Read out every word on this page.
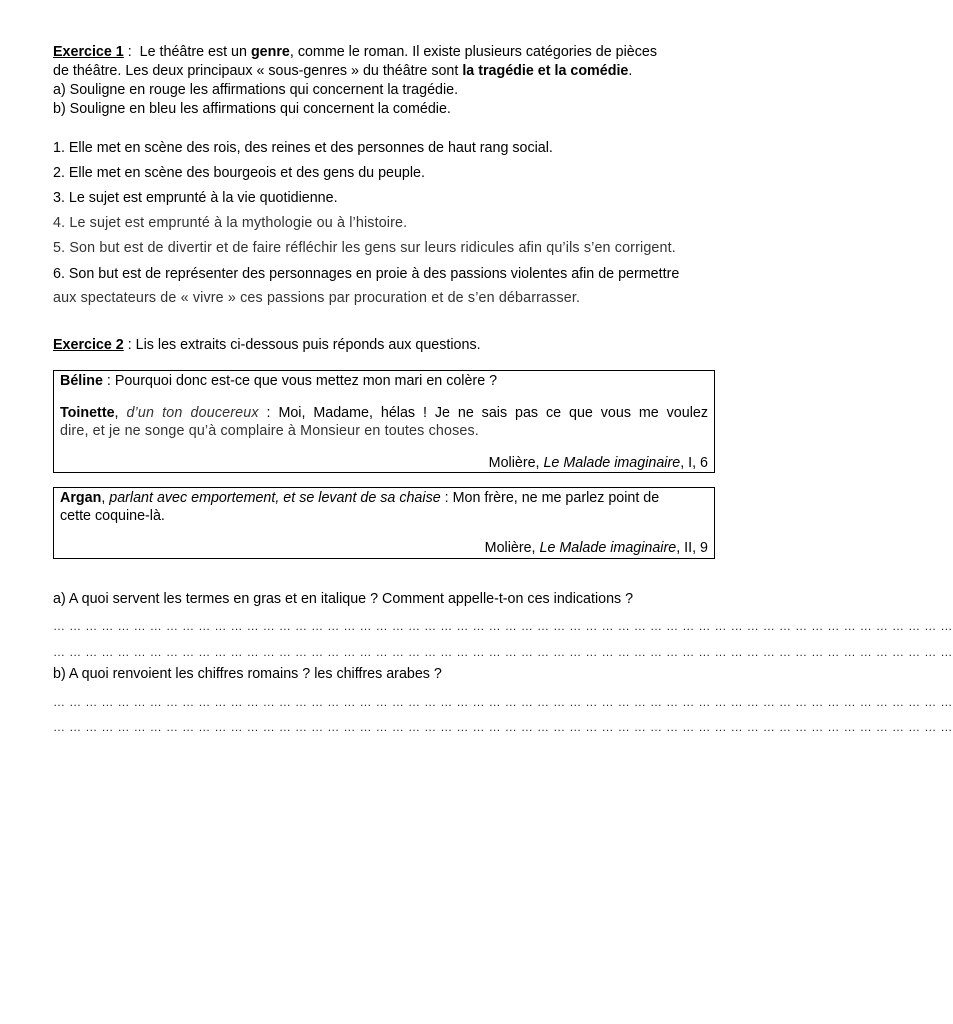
Exercice 1 :  Le théâtre est un genre, comme le roman. Il existe plusieurs catégories de pièces
de théâtre. Les deux principaux « sous-genres » du théâtre sont la tragédie et la comédie.
a) Souligne en rouge les affirmations qui concernent la tragédie.
b) Souligne en bleu les affirmations qui concernent la comédie.
1. Elle met en scène des rois, des reines et des personnes de haut rang social.
2. Elle met en scène des bourgeois et des gens du peuple.
3. Le sujet est emprunté à la vie quotidienne.
4. Le sujet est emprunté à la mythologie ou à l’histoire.
5. Son but est de divertir et de faire réfléchir les gens sur leurs ridicules afin qu’ils s’en corrigent.
6. Son but est de représenter des personnages en proie à des passions violentes afin de permettre
aux spectateurs de « vivre » ces passions par procuration et de s’en débarrasser.
Exercice 2 : Lis les extraits ci-dessous puis réponds aux questions.
Béline : Pourquoi donc est-ce que vous mettez mon mari en colère ?
Toinette, d’un ton doucereux : Moi, Madame, hélas ! Je ne sais pas ce que vous me voulez
dire, et je ne songe qu’à complaire à Monsieur en toutes choses.
Molière, Le Malade imaginaire, I, 6
Argan, parlant avec emportement, et se levant de sa chaise : Mon frère, ne me parlez point de
cette coquine-là.
Molière, Le Malade imaginaire, II, 9
a) A quoi servent les termes en gras et en italique ? Comment appelle-t-on ces indications ?
… … … … … … … … … … … … … … … … … … … … … … … … … … … … … … … … … … … … … … … … … … … … … … … … … … … … … … … …
… … … … … … … … … … … … … … … … … … … … … … … … … … … … … … … … … … … … … … … … … … … … … … … … … … … … … … … …
b) A quoi renvoient les chiffres romains ? les chiffres arabes ?
… … … … … … … … … … … … … … … … … … … … … … … … … … … … … … … … … … … … … … … … … … … … … … … … … … … … … … … …
… … … … … … … … … … … … … … … … … … … … … … … … … … … … … … … … … … … … … … … … … … … … … … … … … … … … … … … …
